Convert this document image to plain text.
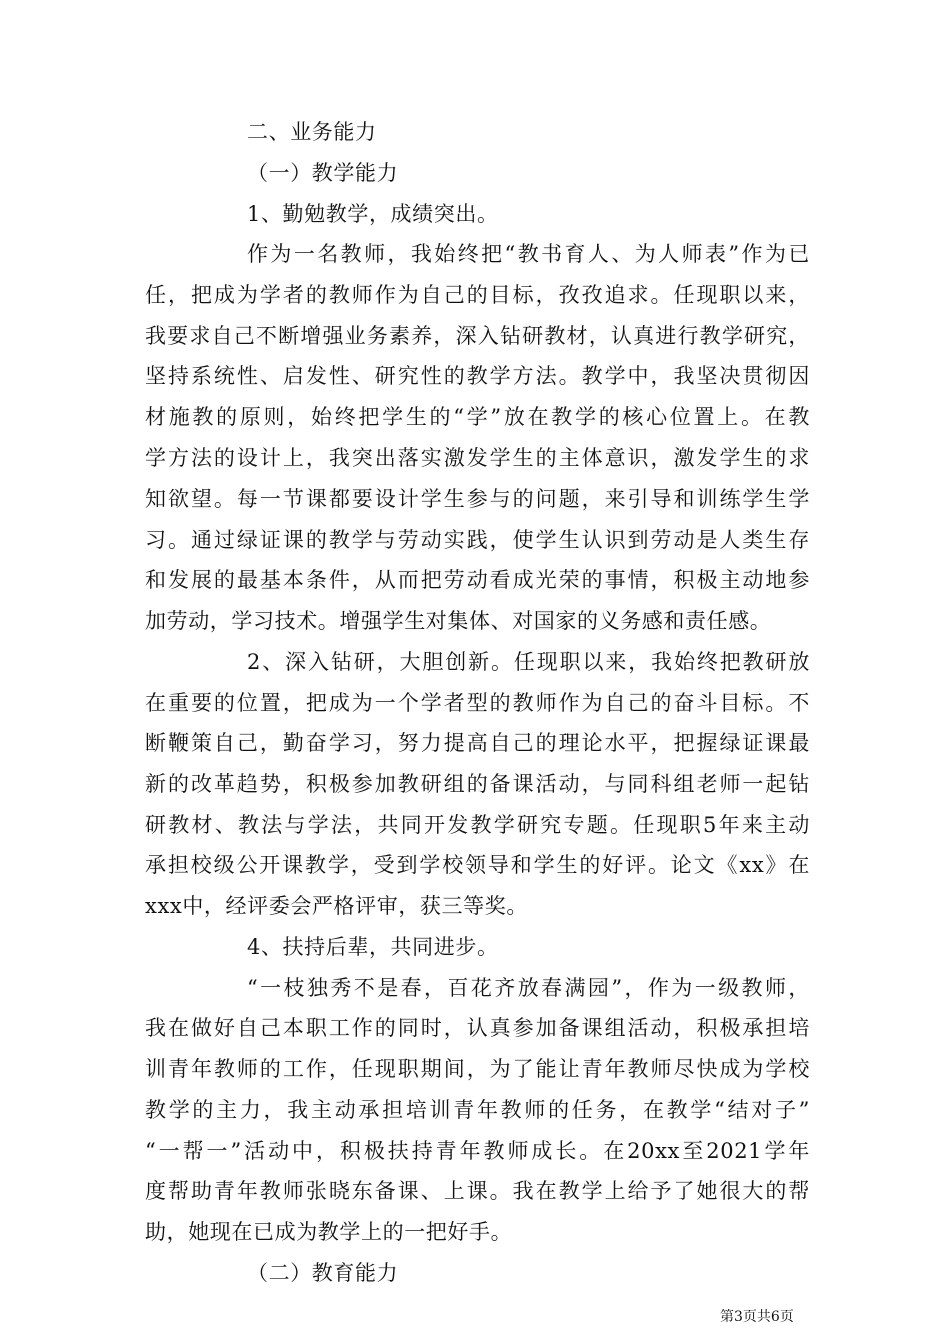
二、业务能力
（一）教学能力
1、勤勉教学，成绩突出。
作为一名教师，我始终把“教书育人、为人师表”作为已
任，把成为学者的教师作为自己的目标，孜孜追求。任现职以来，
我要求自己不断增强业务素养，深入钻研教材，认真进行教学研究，
坚持系统性、启发性、研究性的教学方法。教学中，我坚决贯彻因
材施教的原则，始终把学生的“学”放在教学的核心位置上。在教
学方法的设计上，我突出落实激发学生的主体意识，激发学生的求
知欲望。每一节课都要设计学生参与的问题，来引导和训练学生学
习。通过绿证课的教学与劳动实践，使学生认识到劳动是人类生存
和发展的最基本条件，从而把劳动看成光荣的事情，积极主动地参
加劳动，学习技术。增强学生对集体、对国家的义务感和责任感。
2、深入钻研，大胆创新。任现职以来，我始终把教研放
在重要的位置，把成为一个学者型的教师作为自己的奋斗目标。不
断鞭策自己，勤奋学习，努力提高自己的理论水平，把握绿证课最
新的改革趋势，积极参加教研组的备课活动，与同科组老师一起钻
研教材、教法与学法，共同开发教学研究专题。任现职5年来主动
承担校级公开课教学，受到学校领导和学生的好评。论文《xx》在
xxx中，经评委会严格评审，获三等奖。
4、扶持后辈，共同进步。
“一枝独秀不是春，百花齐放春满园”，作为一级教师，
我在做好自己本职工作的同时，认真参加备课组活动，积极承担培
训青年教师的工作，任现职期间，为了能让青年教师尽快成为学校
教学的主力，我主动承担培训青年教师的任务，在教学“结对子”
“一帮一”活动中，积极扶持青年教师成长。在20xx至2021学年
度帮助青年教师张晓东备课、上课。我在教学上给予了她很大的帮
助，她现在已成为教学上的一把好手。
（二）教育能力
第3页共6页
